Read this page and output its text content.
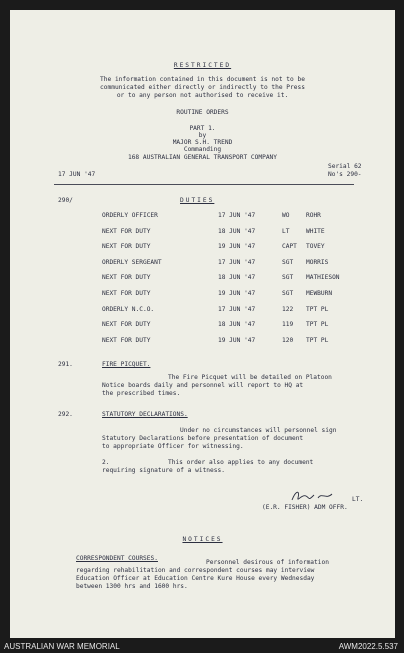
RESTRICTED
The information contained in this document is not to be
communicated either directly or indirectly to the Press
or to any person not authorised to receive it.
ROUTINE ORDERS
PART 1.
by
MAJOR S.H. TREND
Commanding
168 AUSTRALIAN GENERAL TRANSPORT COMPANY
17 JUN '47
Serial 62
No's 290-
290/	DUTIES
ORDERLY OFFICER	17 JUN '47	WO	ROHR
NEXT FOR DUTY	18 JUN '47	LT	WHITE
NEXT FOR DUTY	19 JUN '47	CAPT TOVEY
ORDERLY SERGEANT	17 JUN '47	SGT MORRIS
NEXT FOR DUTY	18 JUN '47	SGT MATHIESON
NEXT FOR DUTY	19 JUN '47	SGT MEWBURN
ORDERLY N.C.O.	17 JUN '47	122 TPT PL
NEXT FOR DUTY	18 JUN '47	119 TPT PL
NEXT FOR DUTY	19 JUN '47	120 TPT PL
291.	FIRE PICQUET.
The Fire Picquet will be detailed on Platoon
Notice boards daily and personnel will report to HQ at
the prescribed times.
292.	STATUTORY DECLARATIONS.
Under no circumstances will personnel sign
Statutory Declarations before presentation of document
to appropriate Officer for witnessing.
2.	This order also applies to any document
requiring signature of a witness.
LT.
(E.R. FISHER) ADM OFFR.
NOTICES
CORRESPONDENT COURSES.
Personnel desirous of information
regarding rehabilitation and correspondent courses may interview
Education Officer at Education Centre Kure House every Wednesday
between 1300 hrs and 1600 hrs.
AUSTRALIAN WAR MEMORIAL	AWM2022.5.537
